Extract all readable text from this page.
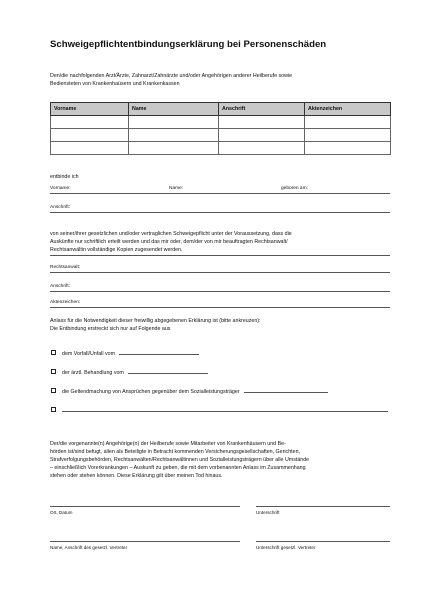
Schweigepflichtentbindungserklärung bei Personenschäden
Den/die nachfolgenden Arzt/Ärzte, Zahnarzt/Zahnärzte und/oder Angehörigen anderer Heilberufe sowie
Bediensteten von Krankenhaüsern und Krankenkassen
Vorname	Name	Anschrift	Aktenzeichen

entbinde ich
Vorname:	Name:	geboren am:
Anschrift:
von seiner/ihrer gesetzlichen und/oder vertraglichen Schweigepflicht unter der Voraussetzung, dass die
Auskünfte nur schriftlich erteilt werden und das mir oder, dem/der von mir beauftragten Rechtsanwalt/
Rechtsanwältin vollständige Kopien zugesendet werden.
Rechtsanwalt:
Anschrift:
Aktenzeichen:
Anlass für die Notwendigkeit dieser freiwillig abgegebenen Erklärung ist (bitte ankreuzen):
Die Entbindung erstreckt sich nur auf Folgende aus
dem Vorfall/Unfall vom
der ärztl. Behandlung vom
die Geltendmachung von Ansprüchen gegenüber dem Sozialleistungsträger
Der/die vorgenannte(n) Angehörige(n) der Heilberufe sowie Mitarbeiter von Krankenhäusern und Be-
hörden ist/sind befugt, allen als Beteiligte in Betracht kommenden Versicherungsgesellschaften, Gerichten,
Strafverfolgungsbehörden, Rechtsanwälten/Rechtsanwältinnen und Sozialleistungsträgern über alle Umstände
– einschließlich Vorerkrankungen – Auskunft zu geben, die mit dem vorbenannten Anlass im Zusammenhang
stehen oder stehen können. Diese Erklärung gilt über meinen Tod hinaus.
Ort, Datum	Unterschrift
Name, Anschrift des gesetzl. Vertreter	Unterschrift gesetzl. Vertreter
